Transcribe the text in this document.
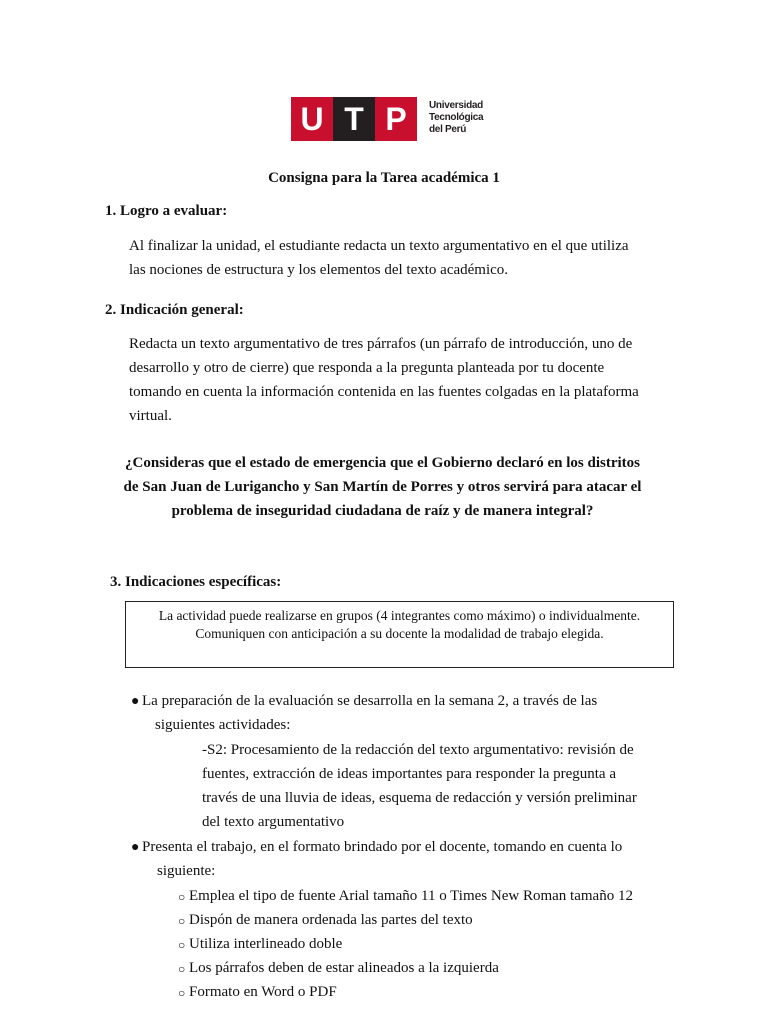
U T P	Universidad
Tecnológica
del Perú
Consigna para la Tarea académica 1
1. Logro a evaluar:
Al finalizar la unidad, el estudiante redacta un texto argumentativo en el que utiliza
las nociones de estructura y los elementos del texto académico.
2. Indicación general:
Redacta un texto argumentativo de tres párrafos (un párrafo de introducción, uno de
desarrollo y otro de cierre) que responda a la pregunta planteada por tu docente
tomando en cuenta la información contenida en las fuentes colgadas en la plataforma
virtual.
¿Consideras que el estado de emergencia que el Gobierno declaró en los distritos
de San Juan de Lurigancho y San Martín de Porres y otros servirá para atacar el
problema de inseguridad ciudadana de raíz y de manera integral?
3. Indicaciones específicas:
La actividad puede realizarse en grupos (4 integrantes como máximo) o individualmente.
Comuniquen con anticipación a su docente la modalidad de trabajo elegida.
● La preparación de la evaluación se desarrolla en la semana 2, a través de las
siguientes actividades:
-S2: Procesamiento de la redacción del texto argumentativo: revisión de
fuentes, extracción de ideas importantes para responder la pregunta a
través de una lluvia de ideas, esquema de redacción y versión preliminar
del texto argumentativo
● Presenta el trabajo, en el formato brindado por el docente, tomando en cuenta lo
siguiente:
○ Emplea el tipo de fuente Arial tamaño 11 o Times New Roman tamaño 12
○ Dispón de manera ordenada las partes del texto
○ Utiliza interlineado doble
○ Los párrafos deben de estar alineados a la izquierda
○ Formato en Word o PDF
